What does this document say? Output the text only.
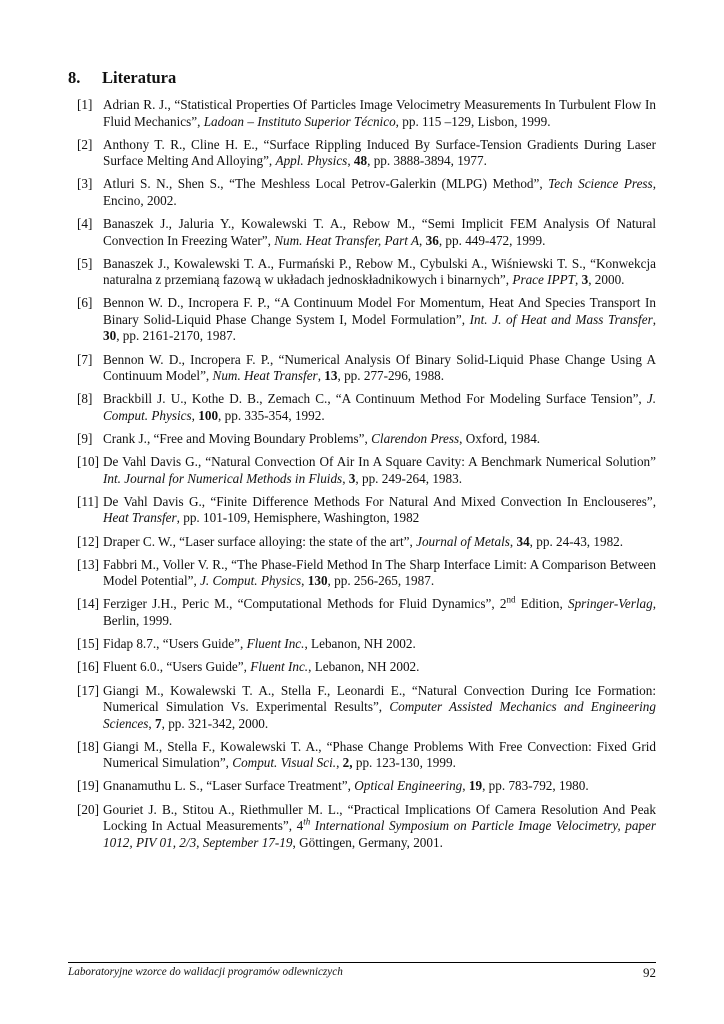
8. Literatura
[1] Adrian R. J., “Statistical Properties Of Particles Image Velocimetry Measurements In Turbulent Flow In Fluid Mechanics”, Ladoan – Instituto Superior Técnico, pp. 115 –129, Lisbon, 1999.
[2] Anthony T. R., Cline H. E., “Surface Rippling Induced By Surface-Tension Gradients During Laser Surface Melting And Alloying”, Appl. Physics, 48, pp. 3888-3894, 1977.
[3] Atluri S. N., Shen S., “The Meshless Local Petrov-Galerkin (MLPG) Method”, Tech Science Press, Encino, 2002.
[4] Banaszek J., Jaluria Y., Kowalewski T. A., Rebow M., “Semi Implicit FEM Analysis Of Natural Convection In Freezing Water”, Num. Heat Transfer, Part A, 36, pp. 449-472, 1999.
[5] Banaszek J., Kowalewski T. A., Furmański P., Rebow M., Cybulski A., Wiśniewski T. S., “Konwekcja naturalna z przemianą fazową w układach jednoskładnikowych i binarnych”, Prace IPPT, 3, 2000.
[6] Bennon W. D., Incropera F. P., “A Continuum Model For Momentum, Heat And Species Transport In Binary Solid-Liquid Phase Change System I, Model Formulation”, Int. J. of Heat and Mass Transfer, 30, pp. 2161-2170, 1987.
[7] Bennon W. D., Incropera F. P., “Numerical Analysis Of Binary Solid-Liquid Phase Change Using A Continuum Model”, Num. Heat Transfer, 13, pp. 277-296, 1988.
[8] Brackbill J. U., Kothe D. B., Zemach C., “A Continuum Method For Modeling Surface Tension”, J. Comput. Physics, 100, pp. 335-354, 1992.
[9] Crank J., “Free and Moving Boundary Problems”, Clarendon Press, Oxford, 1984.
[10] De Vahl Davis G., “Natural Convection Of Air In A Square Cavity: A Benchmark Numerical Solution” Int. Journal for Numerical Methods in Fluids, 3, pp. 249-264, 1983.
[11] De Vahl Davis G., “Finite Difference Methods For Natural And Mixed Convection In Enclouseres”, Heat Transfer, pp. 101-109, Hemisphere, Washington, 1982
[12] Draper C. W., “Laser surface alloying: the state of the art”, Journal of Metals, 34, pp. 24-43, 1982.
[13] Fabbri M., Voller V. R., “The Phase-Field Method In The Sharp Interface Limit: A Comparison Between Model Potential”, J. Comput. Physics, 130, pp. 256-265, 1987.
[14] Ferziger J.H., Peric M., “Computational Methods for Fluid Dynamics”, 2nd Edition, Springer-Verlag, Berlin, 1999.
[15] Fidap 8.7., “Users Guide”, Fluent Inc., Lebanon, NH 2002.
[16] Fluent 6.0., “Users Guide”, Fluent Inc., Lebanon, NH 2002.
[17] Giangi M., Kowalewski T. A., Stella F., Leonardi E., “Natural Convection During Ice Formation: Numerical Simulation Vs. Experimental Results”, Computer Assisted Mechanics and Engineering Sciences, 7, pp. 321-342, 2000.
[18] Giangi M., Stella F., Kowalewski T. A., “Phase Change Problems With Free Convection: Fixed Grid Numerical Simulation”, Comput. Visual Sci., 2, pp. 123-130, 1999.
[19] Gnanamuthu L. S., “Laser Surface Treatment”, Optical Engineering, 19, pp. 783-792, 1980.
[20] Gouriet J. B., Stitou A., Riethmuller M. L., “Practical Implications Of Camera Resolution And Peak Locking In Actual Measurements”, 4th International Symposium on Particle Image Velocimetry, paper 1012, PIV 01, 2/3, September 17-19, Göttingen, Germany, 2001.
Laboratoryjne wzorce do walidacji programów odlewniczych	92
